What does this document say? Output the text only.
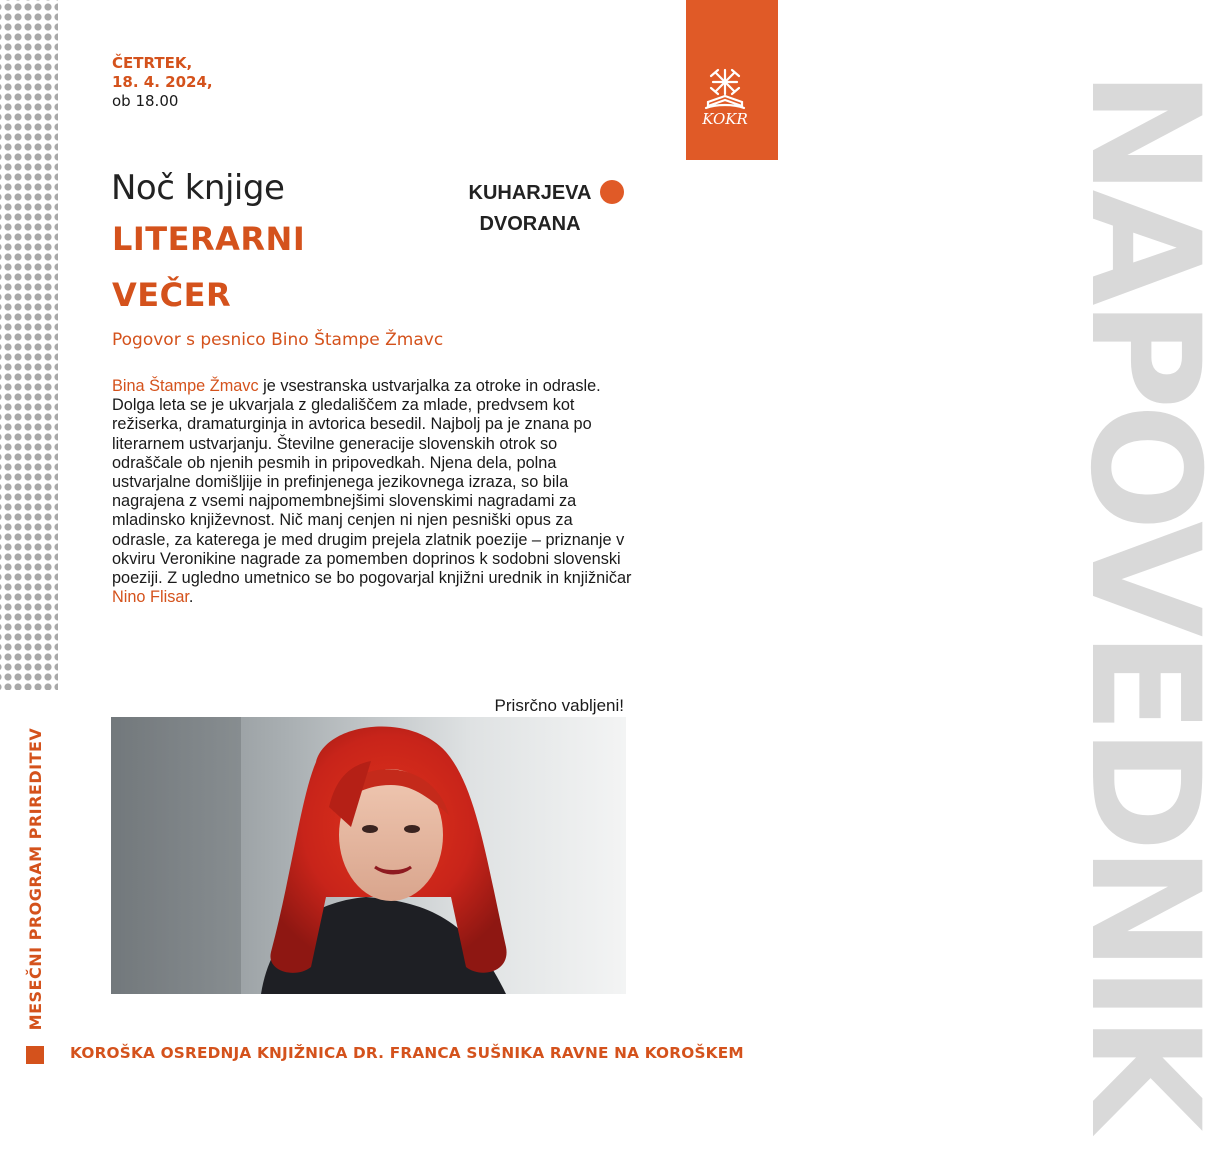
NAPOVEDNIK
KOKR
ČETRTEK,
18. 4. 2024,
ob 18.00
Noč knjige
LITERARNI
VEČER
KUHARJEVA
DVORANA
Pogovor s pesnico Bino Štampe Žmavc
Bina Štampe Žmavc je vsestranska ustvarjalka za otroke in odrasle. Dolga leta se je ukvarjala z gledališčem za mlade, predvsem kot režiserka, dramaturginja in avtorica besedil. Najbolj pa je znana po literarnem ustvarjanju. Številne generacije slovenskih otrok so odraščale ob njenih pesmih in pripovedkah. Njena dela, polna ustvarjalne domišljije in prefinjenega jezikovnega izraza, so bila nagrajena z vsemi najpomembnejšimi slovenskimi nagradami za mladinsko književnost. Nič manj cenjen ni njen pesniški opus za odrasle, za katerega je med drugim prejela zlatnik poezije – priznanje v okviru Veronikine nagrade za pomemben doprinos k sodobni slovenski poeziji. Z ugledno umetnico se bo pogovarjal knjižni urednik in knjižničar Nino Flisar.
Prisrčno vabljeni!
MESEČNI PROGRAM PRIREDITEV
KOROŠKA OSREDNJA KNJIŽNICA DR. FRANCA SUŠNIKA RAVNE NA KOROŠKEM
